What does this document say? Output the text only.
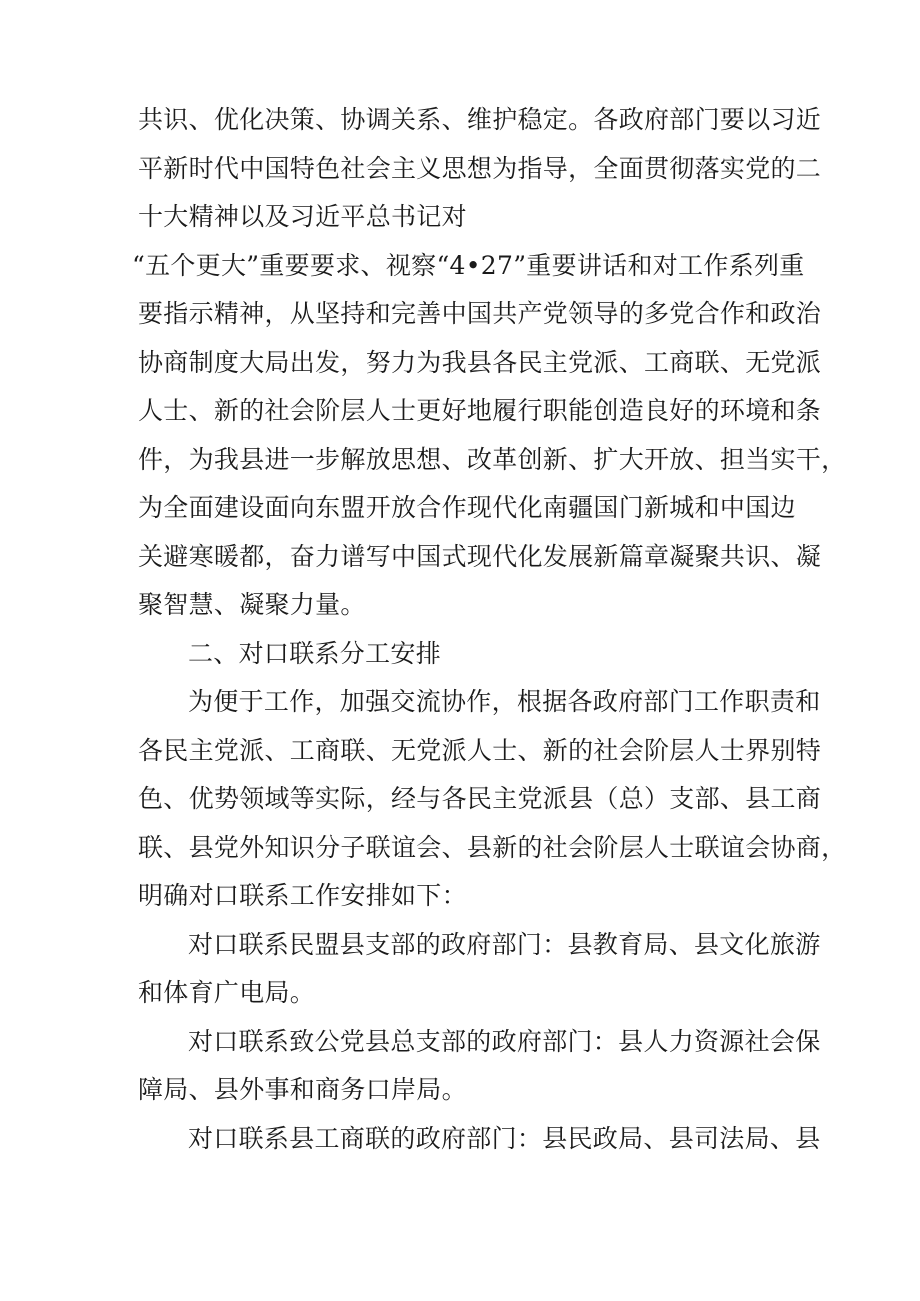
共识、优化决策、协调关系、维护稳定。各政府部门要以习近
平新时代中国特色社会主义思想为指导，全面贯彻落实党的二
十大精神以及习近平总书记对
“五个更大”重要要求、视察“4•27”重要讲话和对工作系列重
要指示精神，从坚持和完善中国共产党领导的多党合作和政治
协商制度大局出发，努力为我县各民主党派、工商联、无党派
人士、新的社会阶层人士更好地履行职能创造良好的环境和条
件，为我县进一步解放思想、改革创新、扩大开放、担当实干，
为全面建设面向东盟开放合作现代化南疆国门新城和中国边
关避寒暖都，奋力谱写中国式现代化发展新篇章凝聚共识、凝
聚智慧、凝聚力量。
二、对口联系分工安排
为便于工作，加强交流协作，根据各政府部门工作职责和
各民主党派、工商联、无党派人士、新的社会阶层人士界别特
色、优势领域等实际，经与各民主党派县（总）支部、县工商
联、县党外知识分子联谊会、县新的社会阶层人士联谊会协商，
明确对口联系工作安排如下：
对口联系民盟县支部的政府部门：县教育局、县文化旅游
和体育广电局。
对口联系致公党县总支部的政府部门：县人力资源社会保
障局、县外事和商务口岸局。
对口联系县工商联的政府部门：县民政局、县司法局、县
